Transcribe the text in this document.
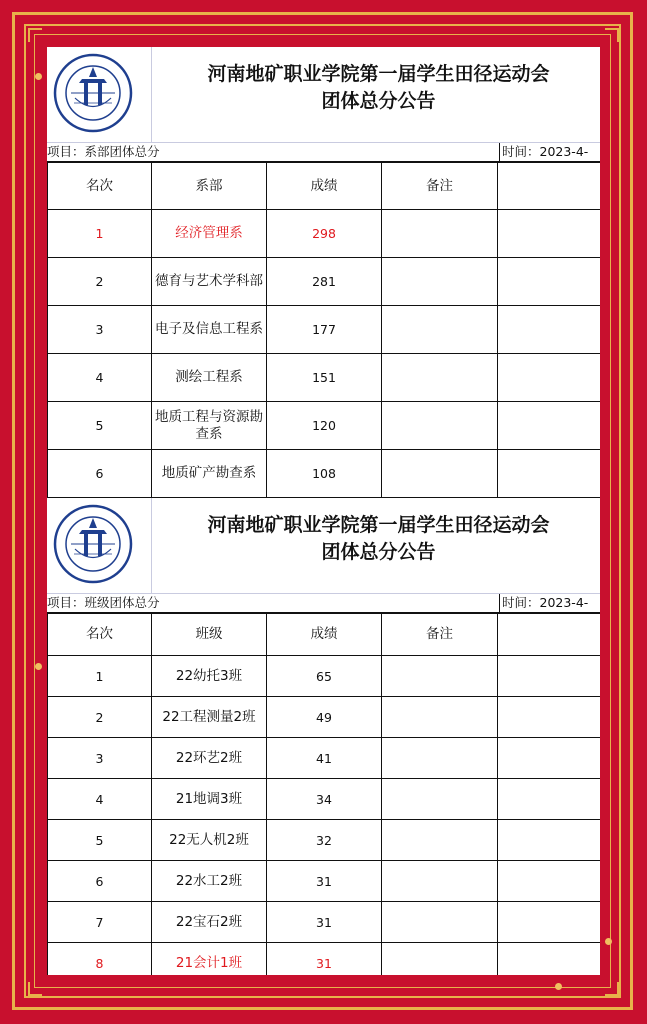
河南地矿职业学院第一届学生田径运动会
团体总分公告
项目：系部团体总分	时间：2023-4-
名次	系部	成绩	备注	
1	经济管理系	298		
2	德育与艺术学科部	281		
3	电子及信息工程系	177		
4	测绘工程系	151		
5	地质工程与资源勘查系	120		
6	地质矿产勘查系	108		
河南地矿职业学院第一届学生田径运动会
团体总分公告
项目：班级团体总分	时间：2023-4-
名次	班级	成绩	备注	
1	22幼托3班	65		
2	22工程测量2班	49		
3	22环艺2班	41		
4	21地调3班	34		
5	22无人机2班	32		
6	22水工2班	31		
7	22宝石2班	31		
8	21会计1班	31		
